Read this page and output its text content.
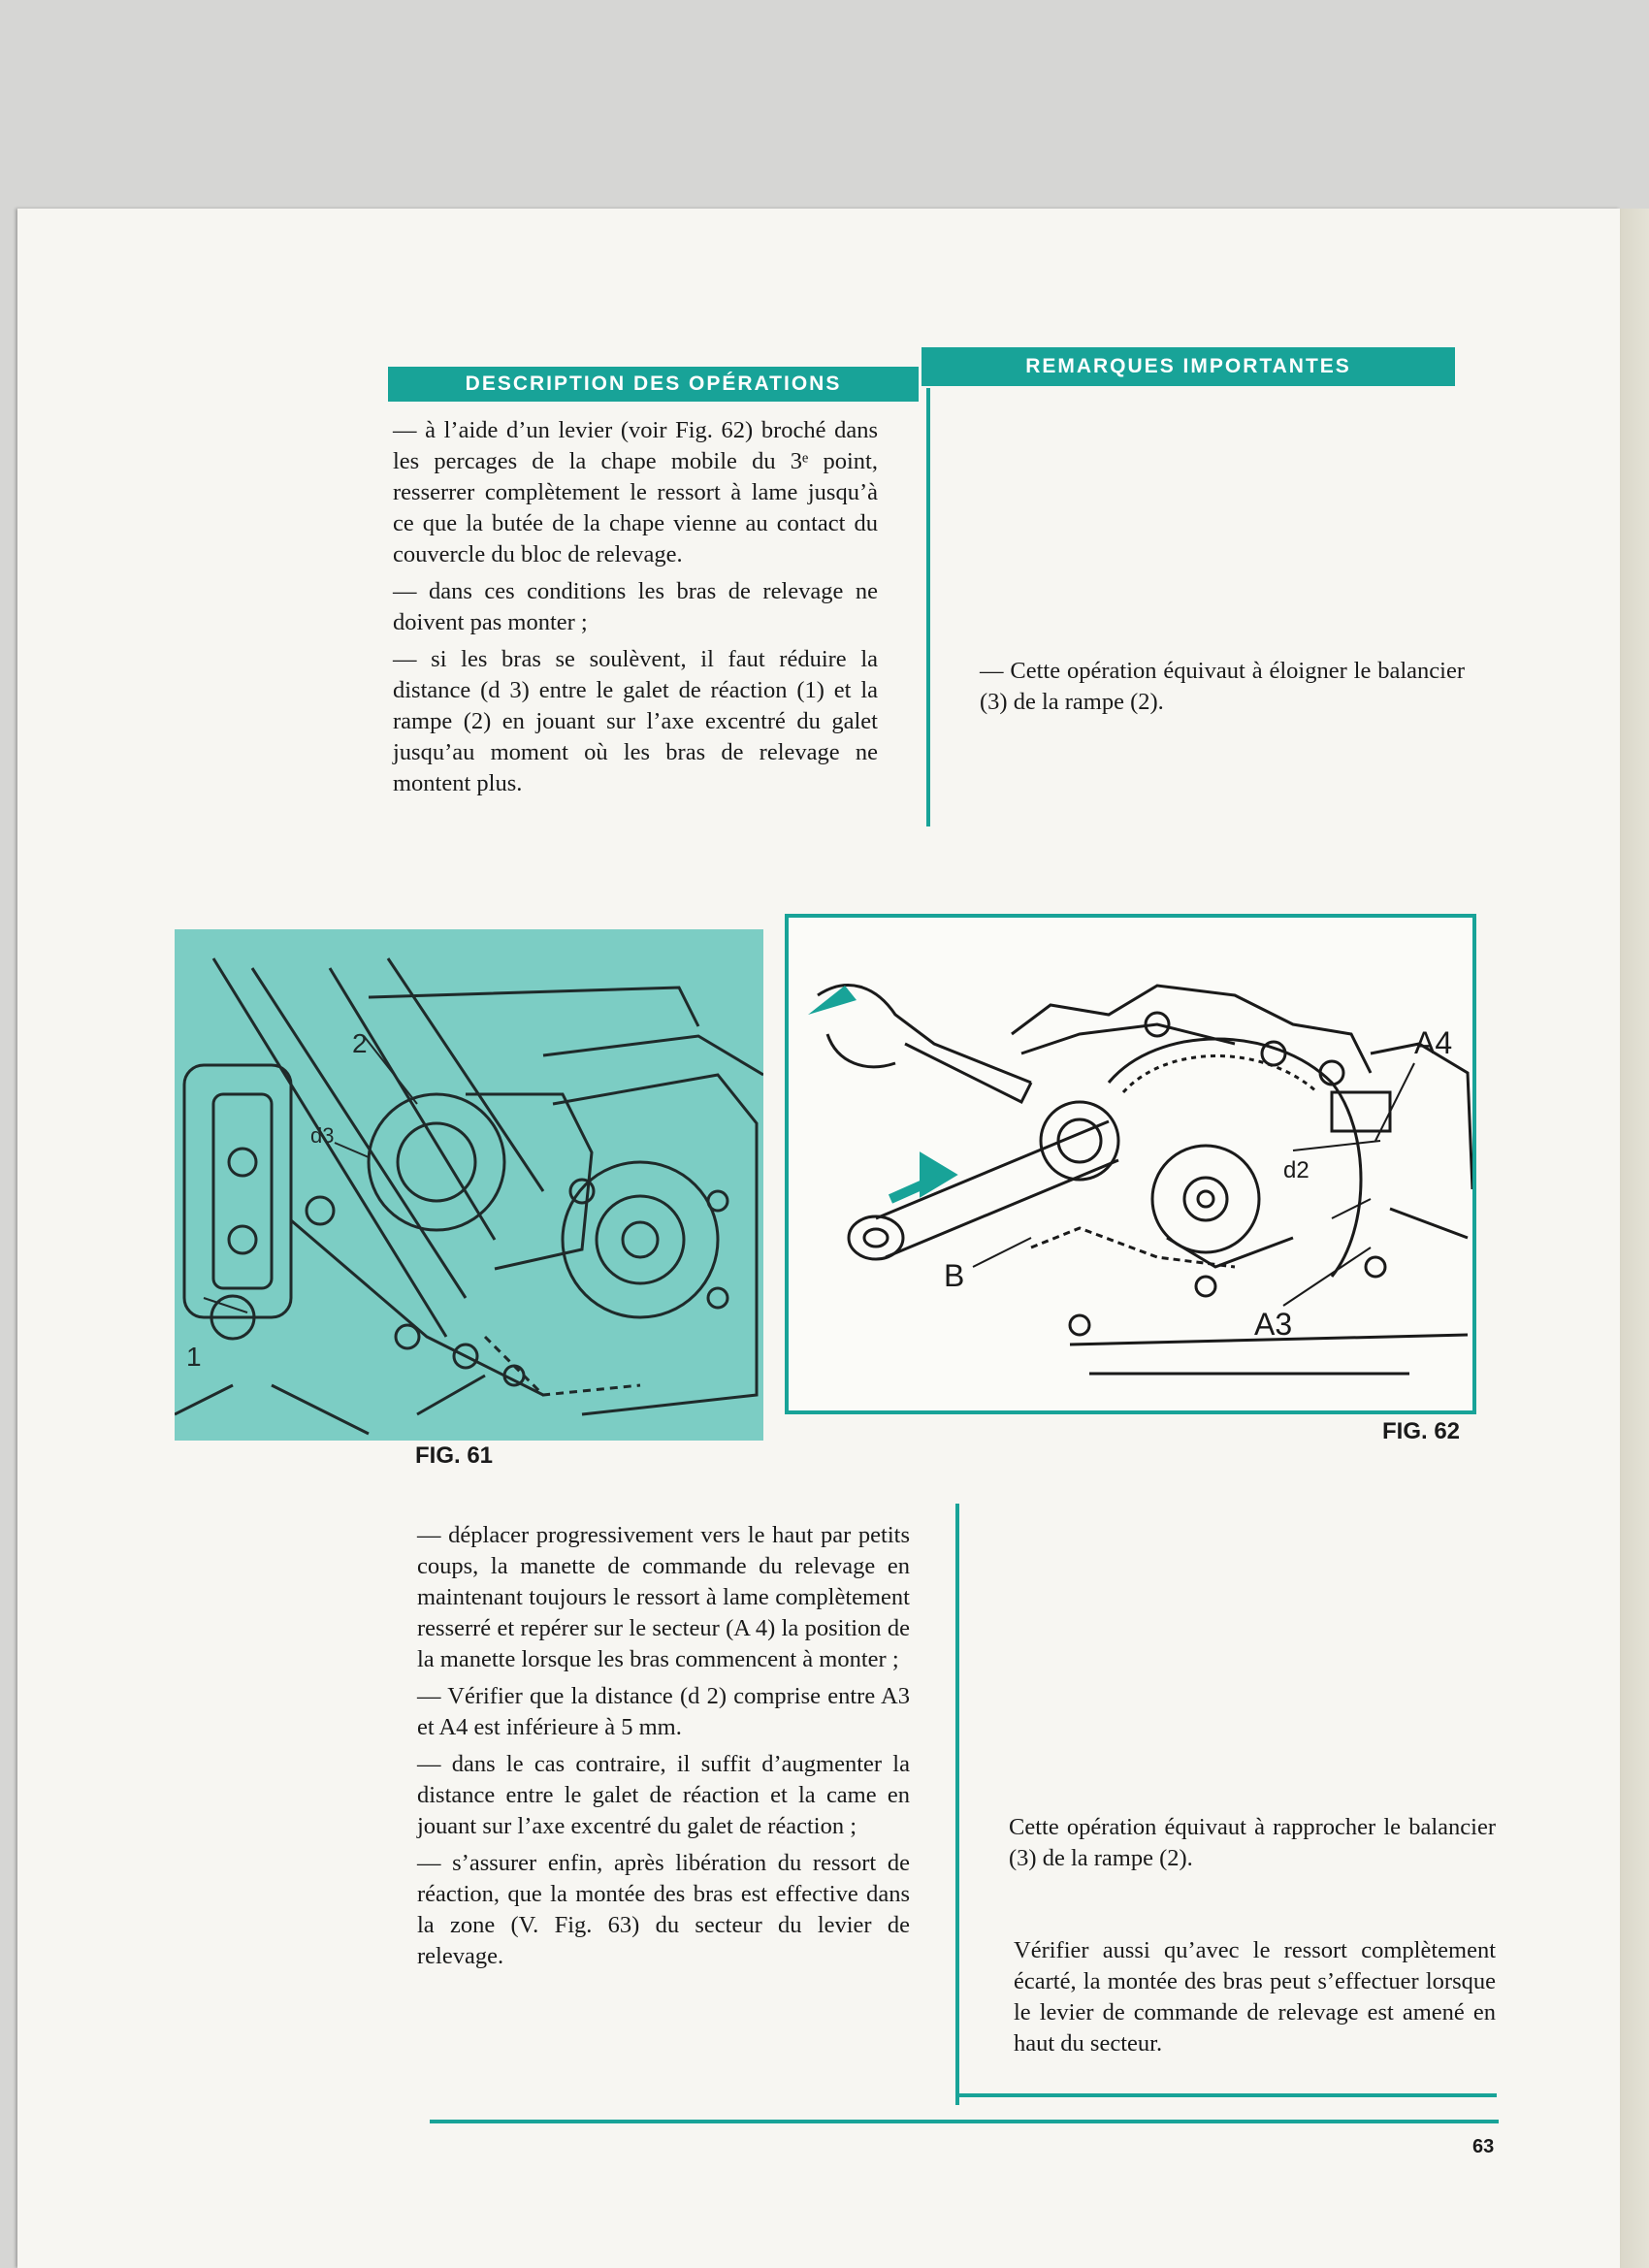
DESCRIPTION DES OPÉRATIONS
REMARQUES IMPORTANTES

— à l’aide d’un levier (voir Fig. 62) broché dans les percages de la chape mobile du 3ᵉ point, resserrer complètement le ressort à lame jusqu’à ce que la butée de la chape vienne au contact du couvercle du bloc de relevage.

— dans ces conditions les bras de relevage ne doivent pas monter ;

— si les bras se soulèvent, il faut réduire la distance (d 3) entre le galet de réaction (1) et la rampe (2) en jouant sur l’axe excentré du galet jusqu’au moment où les bras de relevage ne montent plus.

— Cette opération équivaut à éloigner le balancier (3) de la rampe (2).

2
d3
1
FIG. 61
A4
d2
B
A3
FIG. 62

— déplacer progressivement vers le haut par petits coups, la manette de commande du relevage en maintenant toujours le ressort à lame complètement resserré et repérer sur le secteur (A 4) la position de la manette lorsque les bras commencent à monter ;

— Vérifier que la distance (d 2) comprise entre A3 et A4 est inférieure à 5 mm.

— dans le cas contraire, il suffit d’augmenter la distance entre le galet de réaction et la came en jouant sur l’axe excentré du galet de réaction ;

— s’assurer enfin, après libération du ressort de réaction, que la montée des bras est effective dans la zone (V. Fig. 63) du secteur du levier de relevage.

Cette opération équivaut à rapprocher le balancier (3) de la rampe (2).

Vérifier aussi qu’avec le ressort complètement écarté, la montée des bras peut s’effectuer lorsque le levier de commande de relevage est amené en haut du secteur.

63
